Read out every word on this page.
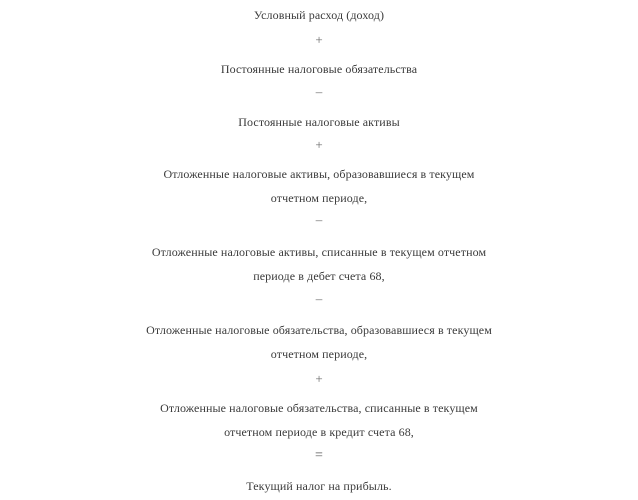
Условный расход (доход)
+
Постоянные налоговые обязательства
–
Постоянные налоговые активы
+
Отложенные налоговые активы, образовавшиеся в текущем
отчетном периоде,
–
Отложенные налоговые активы, списанные в текущем отчетном
периоде в дебет счета 68,
–
Отложенные налоговые обязательства, образовавшиеся в текущем
отчетном периоде,
+
Отложенные налоговые обязательства, списанные в текущем
отчетном периоде в кредит счета 68,
=
Текущий налог на прибыль.
